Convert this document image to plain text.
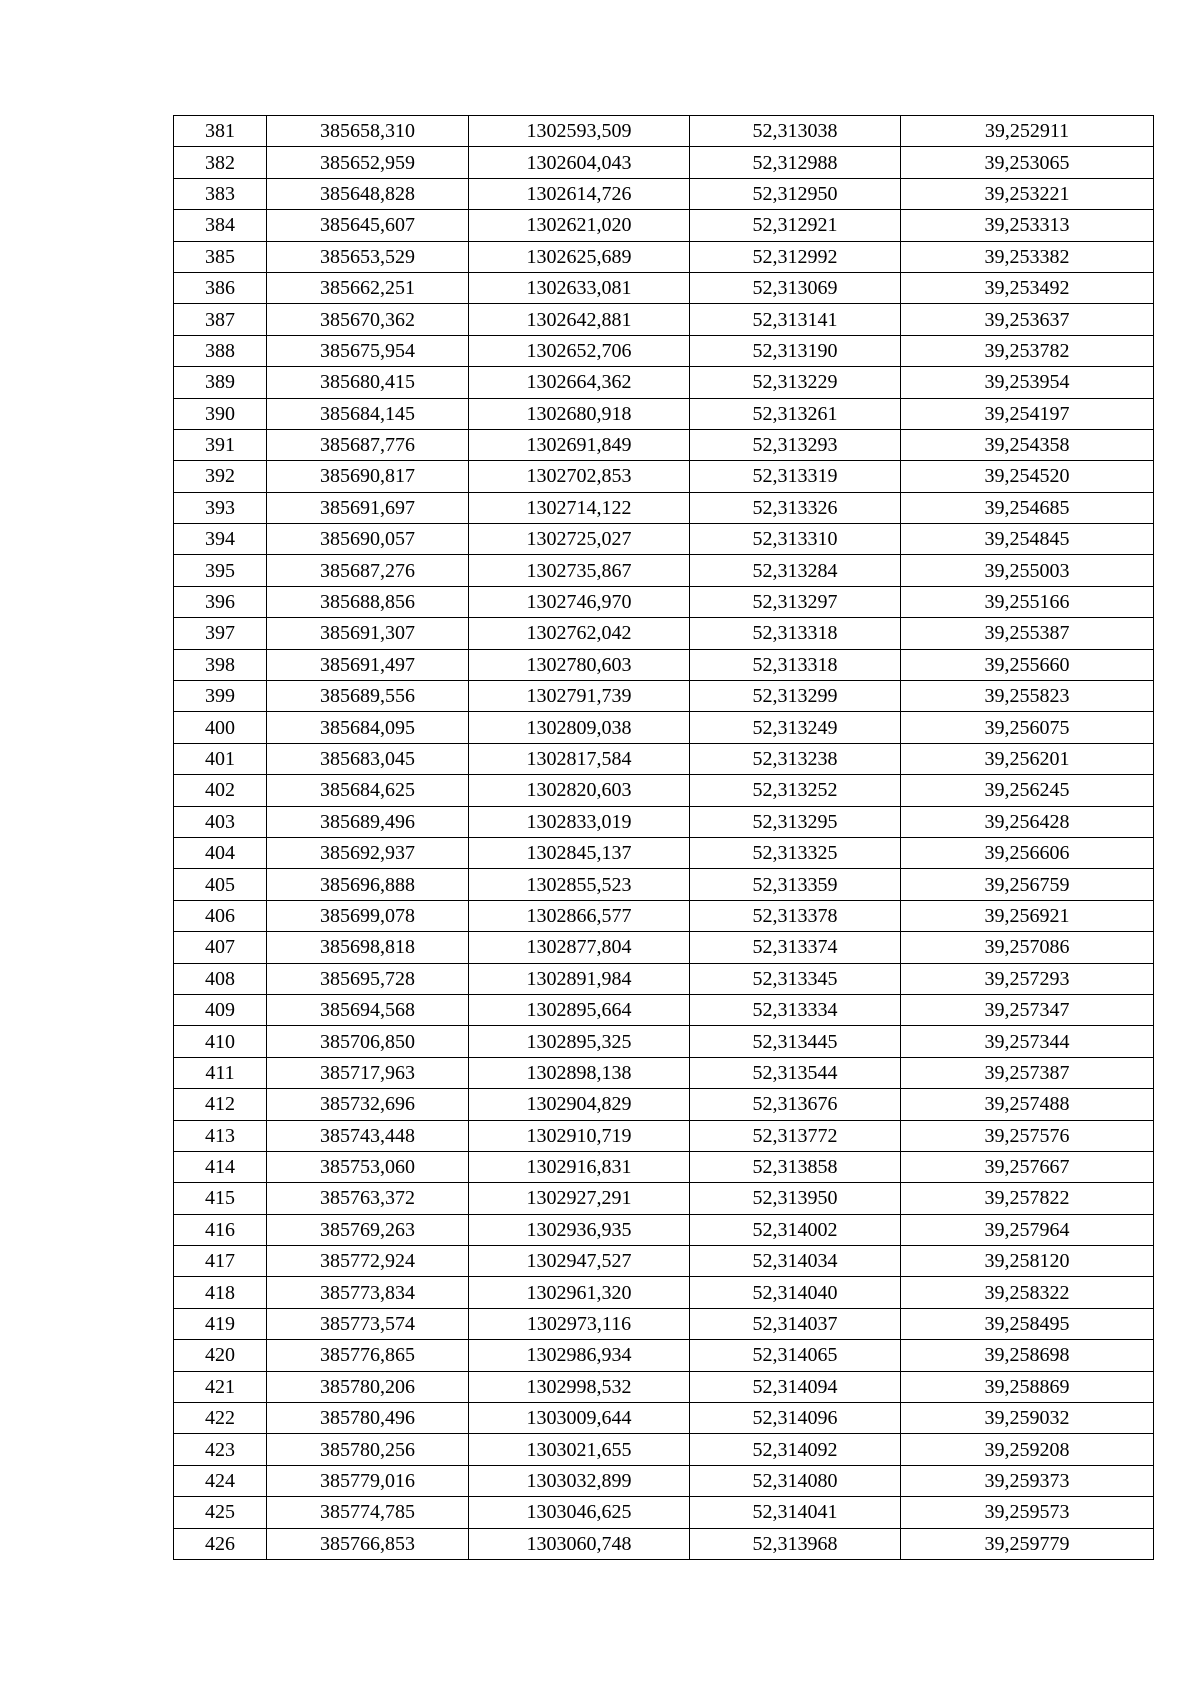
381	385658,310	1302593,509	52,313038	39,252911
382	385652,959	1302604,043	52,312988	39,253065
383	385648,828	1302614,726	52,312950	39,253221
384	385645,607	1302621,020	52,312921	39,253313
385	385653,529	1302625,689	52,312992	39,253382
386	385662,251	1302633,081	52,313069	39,253492
387	385670,362	1302642,881	52,313141	39,253637
388	385675,954	1302652,706	52,313190	39,253782
389	385680,415	1302664,362	52,313229	39,253954
390	385684,145	1302680,918	52,313261	39,254197
391	385687,776	1302691,849	52,313293	39,254358
392	385690,817	1302702,853	52,313319	39,254520
393	385691,697	1302714,122	52,313326	39,254685
394	385690,057	1302725,027	52,313310	39,254845
395	385687,276	1302735,867	52,313284	39,255003
396	385688,856	1302746,970	52,313297	39,255166
397	385691,307	1302762,042	52,313318	39,255387
398	385691,497	1302780,603	52,313318	39,255660
399	385689,556	1302791,739	52,313299	39,255823
400	385684,095	1302809,038	52,313249	39,256075
401	385683,045	1302817,584	52,313238	39,256201
402	385684,625	1302820,603	52,313252	39,256245
403	385689,496	1302833,019	52,313295	39,256428
404	385692,937	1302845,137	52,313325	39,256606
405	385696,888	1302855,523	52,313359	39,256759
406	385699,078	1302866,577	52,313378	39,256921
407	385698,818	1302877,804	52,313374	39,257086
408	385695,728	1302891,984	52,313345	39,257293
409	385694,568	1302895,664	52,313334	39,257347
410	385706,850	1302895,325	52,313445	39,257344
411	385717,963	1302898,138	52,313544	39,257387
412	385732,696	1302904,829	52,313676	39,257488
413	385743,448	1302910,719	52,313772	39,257576
414	385753,060	1302916,831	52,313858	39,257667
415	385763,372	1302927,291	52,313950	39,257822
416	385769,263	1302936,935	52,314002	39,257964
417	385772,924	1302947,527	52,314034	39,258120
418	385773,834	1302961,320	52,314040	39,258322
419	385773,574	1302973,116	52,314037	39,258495
420	385776,865	1302986,934	52,314065	39,258698
421	385780,206	1302998,532	52,314094	39,258869
422	385780,496	1303009,644	52,314096	39,259032
423	385780,256	1303021,655	52,314092	39,259208
424	385779,016	1303032,899	52,314080	39,259373
425	385774,785	1303046,625	52,314041	39,259573
426	385766,853	1303060,748	52,313968	39,259779
